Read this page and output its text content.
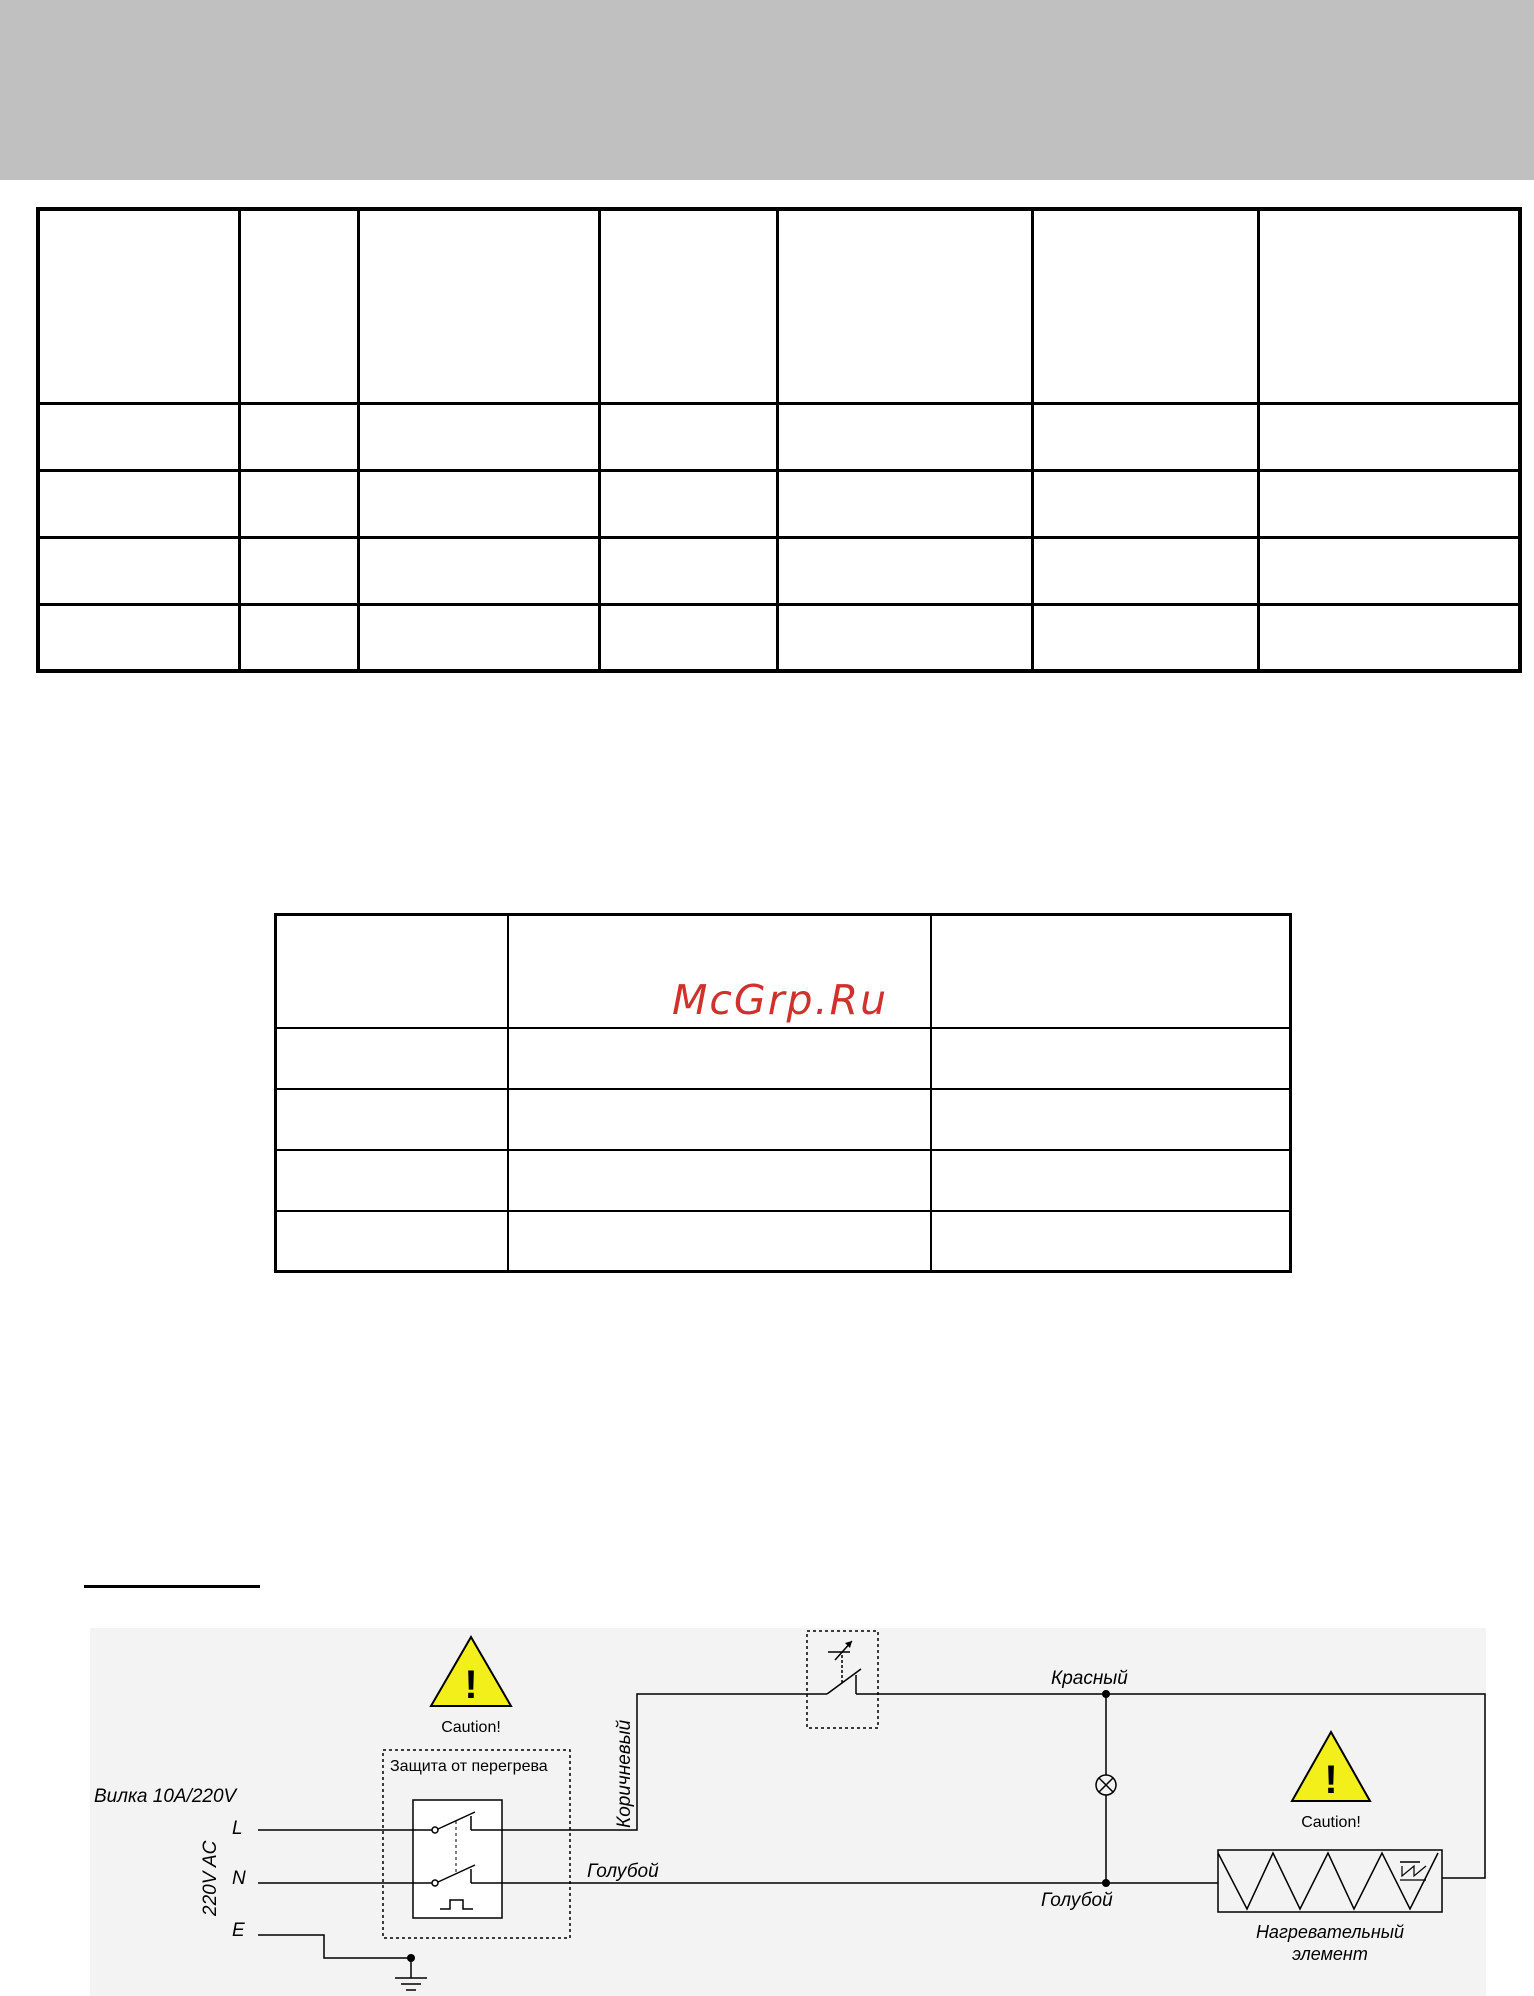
McGrp.Ru
Вилка 10A/220V
220V AC
L
N
E
!
Caution!
Защита от перегрева	Коричневый
Красный
Голубой
Голубой
!
Caution!
Нагревательный
элемент
